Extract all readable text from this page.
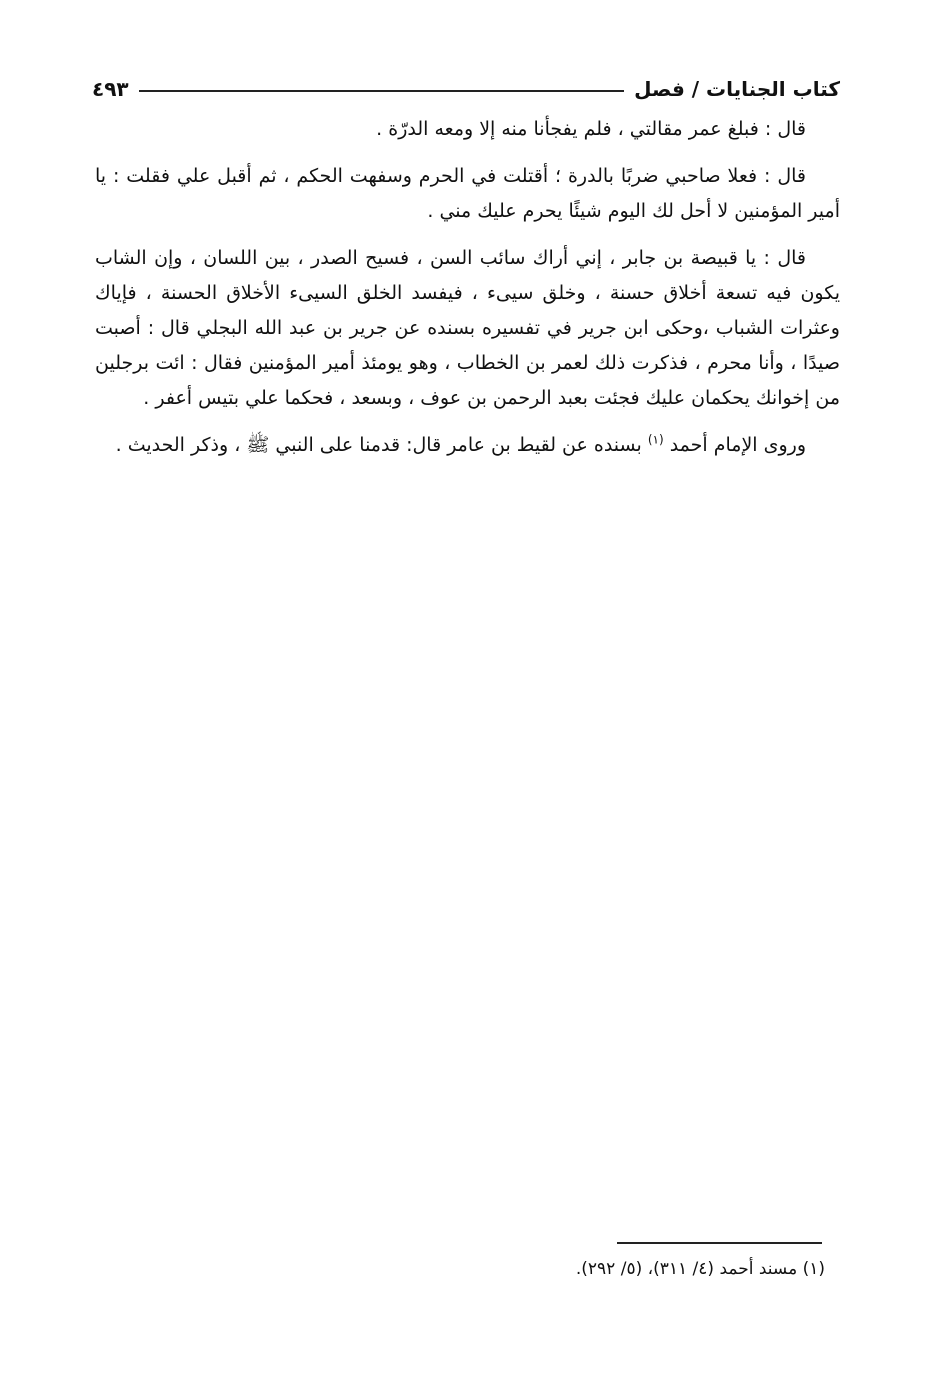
كتاب الجنايات / فصل
٤٩٣

قال : فبلغ عمر مقالتي ، فلم يفجأنا منه إلا ومعه الدرّة .

قال : فعلا صاحبي ضربًا بالدرة ؛ أقتلت في الحرم وسفهت الحكم ، ثم أقبل علي فقلت : يا أمير المؤمنين لا أحل لك اليوم شيئًا يحرم عليك مني .

قال : يا قبيصة بن جابر ، إني أراك سائب السن ، فسيح الصدر ، بين اللسان ، وإن الشاب يكون فيه تسعة أخلاق حسنة ، وخلق سيىء ، فيفسد الخلق السيىء الأخلاق الحسنة ، فإياك وعثرات الشباب ،وحكى ابن جرير في تفسيره بسنده عن جرير بن عبد الله البجلي قال : أصبت صيدًا ، وأنا محرم ، فذكرت ذلك لعمر بن الخطاب ، وهو يومئذ أمير المؤمنين فقال : ائت برجلين من إخوانك يحكمان عليك فجئت بعبد الرحمن بن عوف ، وبسعد ، فحكما علي بتيس أعفر .

وروى الإمام أحمد $^{(١)}$ بسنده عن لقيط بن عامر قال: قدمنا على النبي ﷺ ، وذكر الحديث .

(١) مسند أحمد (٤/ ٣١١)، (٥/ ٢٩٢).
